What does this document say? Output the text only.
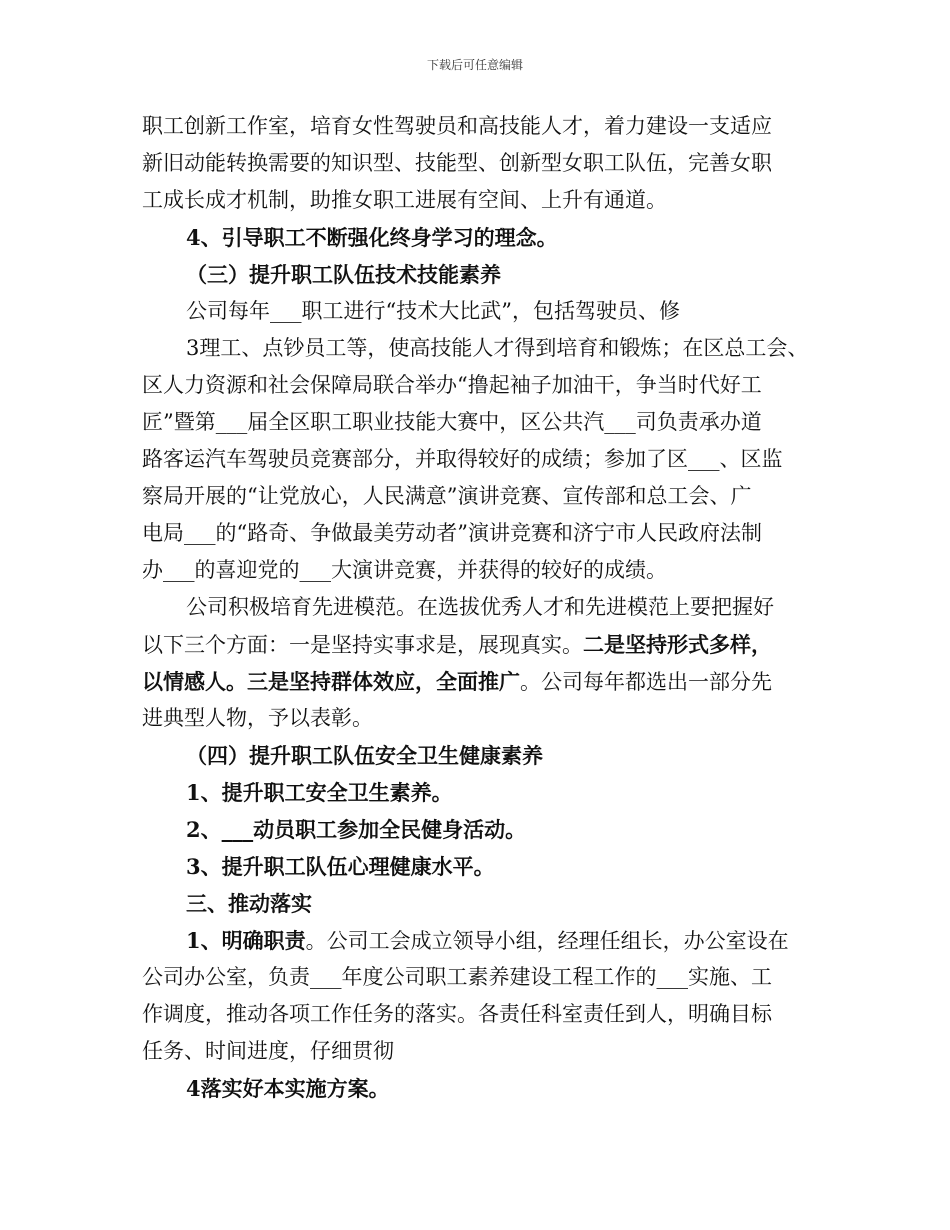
下载后可任意编辑
职工创新工作室，培育女性驾驶员和高技能人才，着力建设一支适应
新旧动能转换需要的知识型、技能型、创新型女职工队伍，完善女职
工成长成才机制，助推女职工进展有空间、上升有通道。
4、引导职工不断强化终身学习的理念。
（三）提升职工队伍技术技能素养
公司每年___职工进行“技术大比武”，包括驾驶员、修
3理工、点钞员工等，使高技能人才得到培育和锻炼；在区总工会、
区人力资源和社会保障局联合举办“撸起袖子加油干，争当时代好工
匠”暨第___届全区职工职业技能大赛中，区公共汽___司负责承办道
路客运汽车驾驶员竞赛部分，并取得较好的成绩；参加了区___、区监
察局开展的“让党放心，人民满意”演讲竞赛、宣传部和总工会、广
电局___的“路奇、争做最美劳动者”演讲竞赛和济宁市人民政府法制
办___的喜迎党的___大演讲竞赛，并获得的较好的成绩。
公司积极培育先进模范。在选拔优秀人才和先进模范上要把握好
以下三个方面：一是坚持实事求是，展现真实。二是坚持形式多样，
以情感人。三是坚持群体效应，全面推广。公司每年都选出一部分先
进典型人物，予以表彰。
（四）提升职工队伍安全卫生健康素养
1、提升职工安全卫生素养。
2、___动员职工参加全民健身活动。
3、提升职工队伍心理健康水平。
三、推动落实
1、明确职责。公司工会成立领导小组，经理任组长，办公室设在
公司办公室，负责___年度公司职工素养建设工程工作的___实施、工
作调度，推动各项工作任务的落实。各责任科室责任到人，明确目标
任务、时间进度，仔细贯彻
4落实好本实施方案。
